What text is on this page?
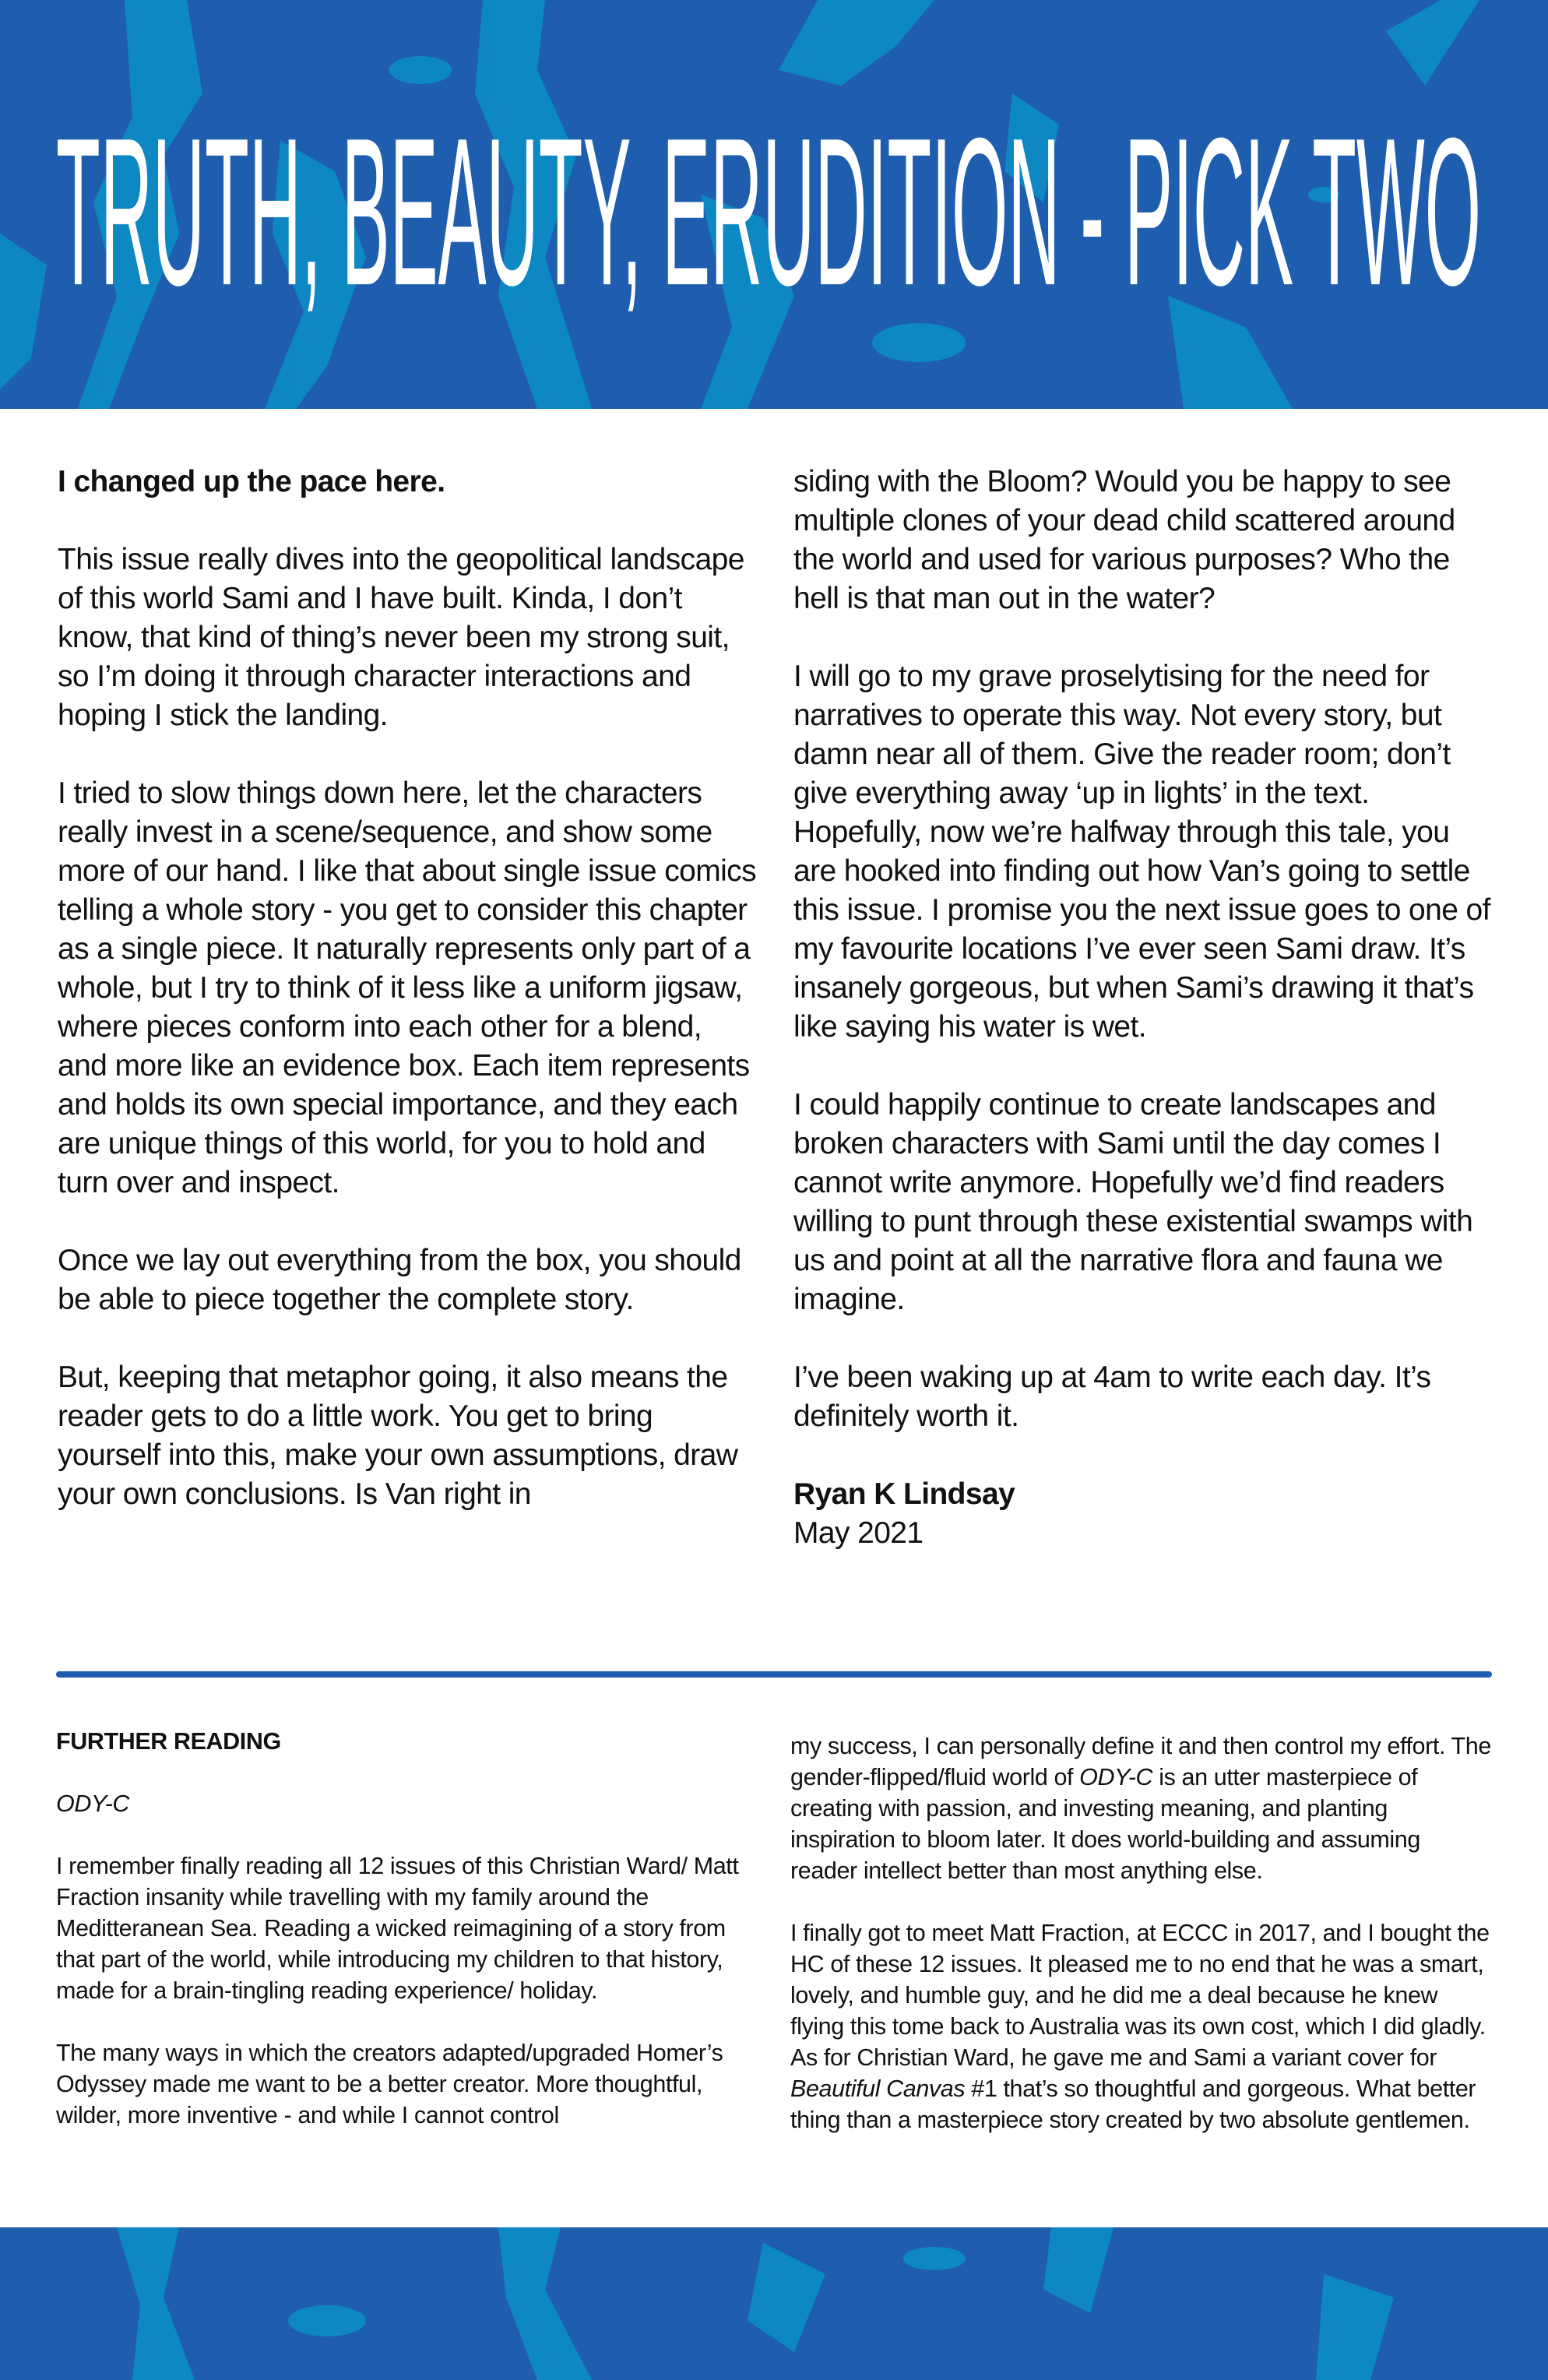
TRUTH, BEAUTY, ERUDITION - PICK TWO

I changed up the pace here.

This issue really dives into the geopolitical landscape of this world Sami and I have built. Kinda, I don’t know, that kind of thing’s never been my strong suit, so I’m doing it through character interactions and hoping I stick the landing.

I tried to slow things down here, let the characters really invest in a scene/sequence, and show some more of our hand. I like that about single issue comics telling a whole story - you get to consider this chapter as a single piece. It naturally represents only part of a whole, but I try to think of it less like a uniform jigsaw, where pieces conform into each other for a blend, and more like an evidence box. Each item represents and holds its own special importance, and they each are unique things of this world, for you to hold and turn over and inspect.

Once we lay out everything from the box, you should be able to piece together the complete story.

But, keeping that metaphor going, it also means the reader gets to do a little work. You get to bring yourself into this, make your own assumptions, draw your own conclusions. Is Van right in

siding with the Bloom? Would you be happy to see multiple clones of your dead child scattered around the world and used for various purposes? Who the hell is that man out in the water?

I will go to my grave proselytising for the need for narratives to operate this way. Not every story, but damn near all of them. Give the reader room; don’t give everything away ‘up in lights’ in the text. Hopefully, now we’re halfway through this tale, you are hooked into finding out how Van’s going to settle this issue. I promise you the next issue goes to one of my favourite locations I’ve ever seen Sami draw. It’s insanely gorgeous, but when Sami’s drawing it that’s like saying his water is wet.

I could happily continue to create landscapes and broken characters with Sami until the day comes I cannot write anymore. Hopefully we’d find readers willing to punt through these existential swamps with us and point at all the narrative flora and fauna we imagine.

I’ve been waking up at 4am to write each day. It’s definitely worth it.

Ryan K Lindsay
May 2021

FURTHER READING

ODY-C

I remember finally reading all 12 issues of this Christian Ward/ Matt Fraction insanity while travelling with my family around the Meditteranean Sea. Reading a wicked reimagining of a story from that part of the world, while introducing my children to that history, made for a brain-tingling reading experience/ holiday.

The many ways in which the creators adapted/upgraded Homer’s Odyssey made me want to be a better creator. More thoughtful, wilder, more inventive - and while I cannot control

my success, I can personally define it and then control my effort. The gender-flipped/fluid world of ODY-C is an utter masterpiece of creating with passion, and investing meaning, and planting inspiration to bloom later. It does world-building and assuming reader intellect better than most anything else.

I finally got to meet Matt Fraction, at ECCC in 2017, and I bought the HC of these 12 issues. It pleased me to no end that he was a smart, lovely, and humble guy, and he did me a deal because he knew flying this tome back to Australia was its own cost, which I did gladly. As for Christian Ward, he gave me and Sami a variant cover for Beautiful Canvas #1 that’s so thoughtful and gorgeous. What better thing than a masterpiece story created by two absolute gentlemen.
